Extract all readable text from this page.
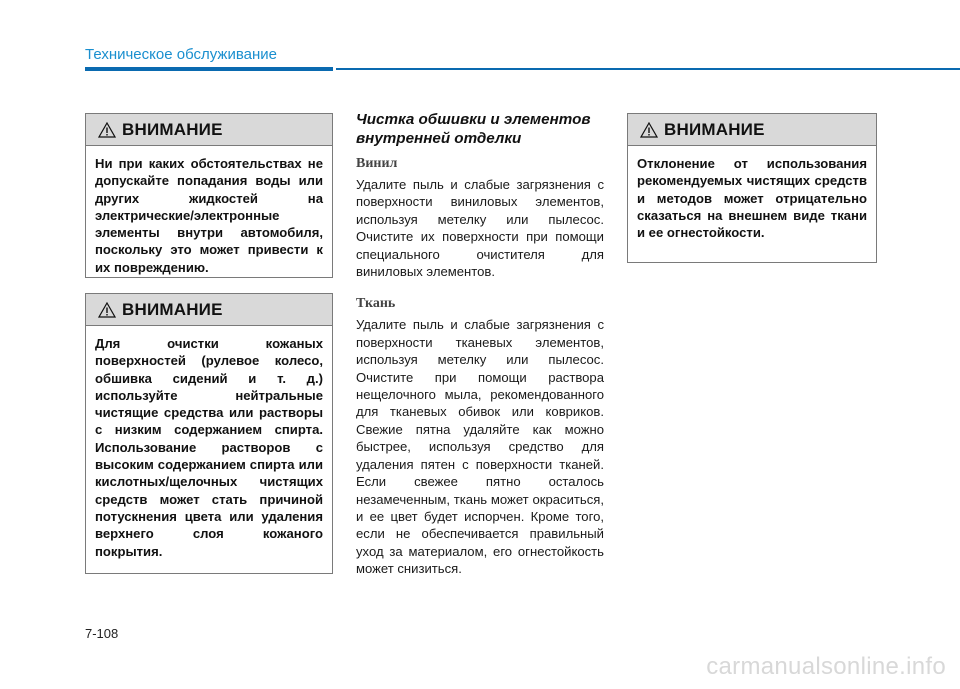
Техническое обслуживание
ВНИМАНИЕ
Ни при каких обстоятельствах не допускайте попадания воды или других жидкостей на электрические/электронные элементы внутри автомобиля, поскольку это может привести к их повреждению.
ВНИМАНИЕ
Для очистки кожаных поверхностей (рулевое колесо, обшивка сидений и т. д.) используйте нейтральные чистящие средства или растворы с низким содержанием спирта. Использование растворов с высоким содержанием спирта или кислотных/щелочных чистящих средств может стать причиной потускнения цвета или удаления верхнего слоя кожаного покрытия.
Чистка обшивки и элементов внутренней отделки
Винил
Удалите пыль и слабые загрязнения с поверхности виниловых элементов, используя метелку или пылесос. Очистите их поверхности при помощи специального очистителя для виниловых элементов.
Ткань
Удалите пыль и слабые загрязнения с поверхности тканевых элементов, используя метелку или пылесос. Очистите при помощи раствора нещелочного мыла, рекомендованного для тканевых обивок или ковриков. Свежие пятна удаляйте как можно быстрее, используя средство для удаления пятен с поверхности тканей. Если свежее пятно осталось незамеченным, ткань может окраситься, и ее цвет будет испорчен. Кроме того, если не обеспечивается правильный уход за материалом, его огнестойкость может снизиться.
ВНИМАНИЕ
Отклонение от использования рекомендуемых чистящих средств и методов может отрицательно сказаться на внешнем виде ткани и ее огнестойкости.
7-108
carmanualsonline.info
